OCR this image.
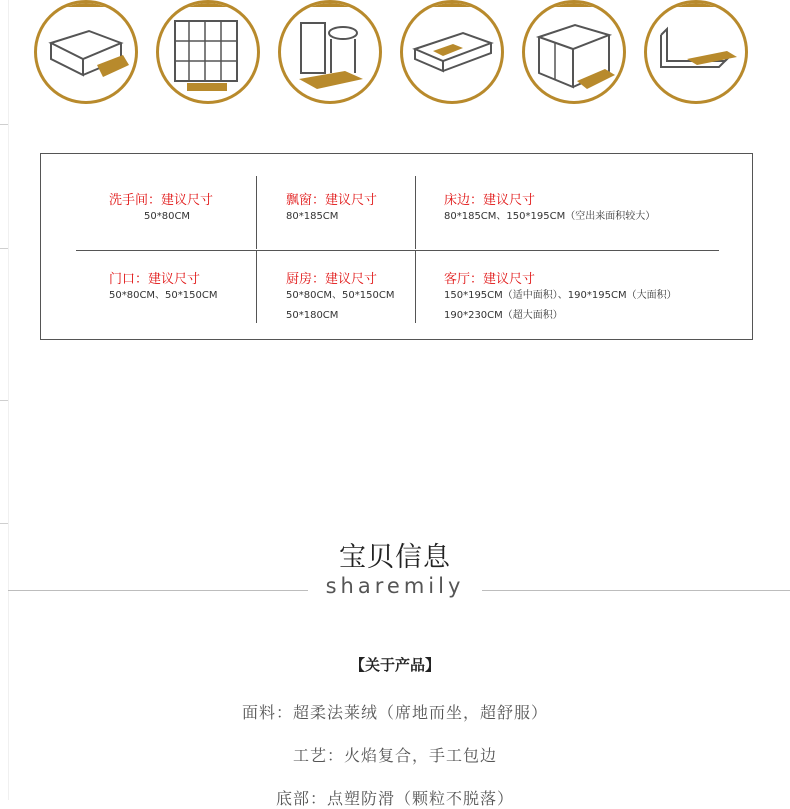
洗手间：建议尺寸
50*80CM
飘窗：建议尺寸
80*185CM
床边：建议尺寸
80*185CM、150*195CM（空出来面积较大）
门口：建议尺寸
50*80CM、50*150CM
厨房：建议尺寸
50*80CM、50*150CM
50*180CM
客厅：建议尺寸
150*195CM（适中面积）、190*195CM（大面积）
190*230CM（超大面积）
宝贝信息
sharemily
【关于产品】
面料：超柔法莱绒（席地而坐，超舒服）
工艺：火焰复合，手工包边
底部：点塑防滑（颗粒不脱落）
